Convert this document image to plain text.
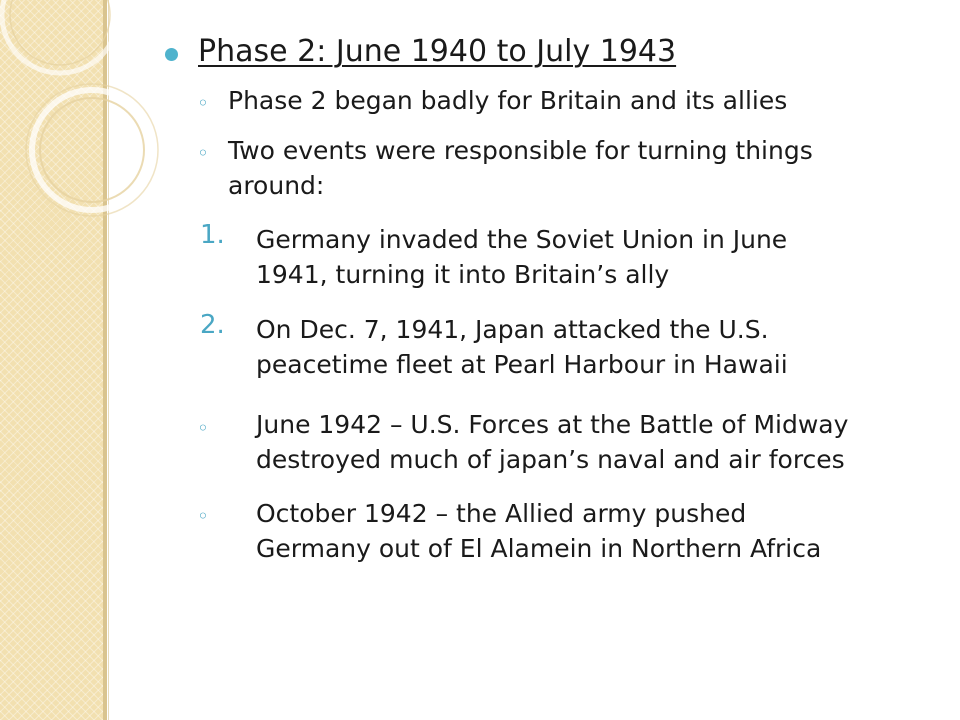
Phase 2: June 1940 to July 1943
◦ Phase 2 began badly for Britain and its allies
◦ Two events were responsible for turning things
around:
1. Germany invaded the Soviet Union in June
1941, turning it into Britain’s ally
2. On Dec. 7, 1941, Japan attacked the U.S.
peacetime fleet at Pearl Harbour in Hawaii
◦ June 1942 – U.S. Forces at the Battle of Midway
destroyed much of japan’s naval and air forces
◦ October 1942 – the Allied army pushed
Germany out of El Alamein in Northern Africa
